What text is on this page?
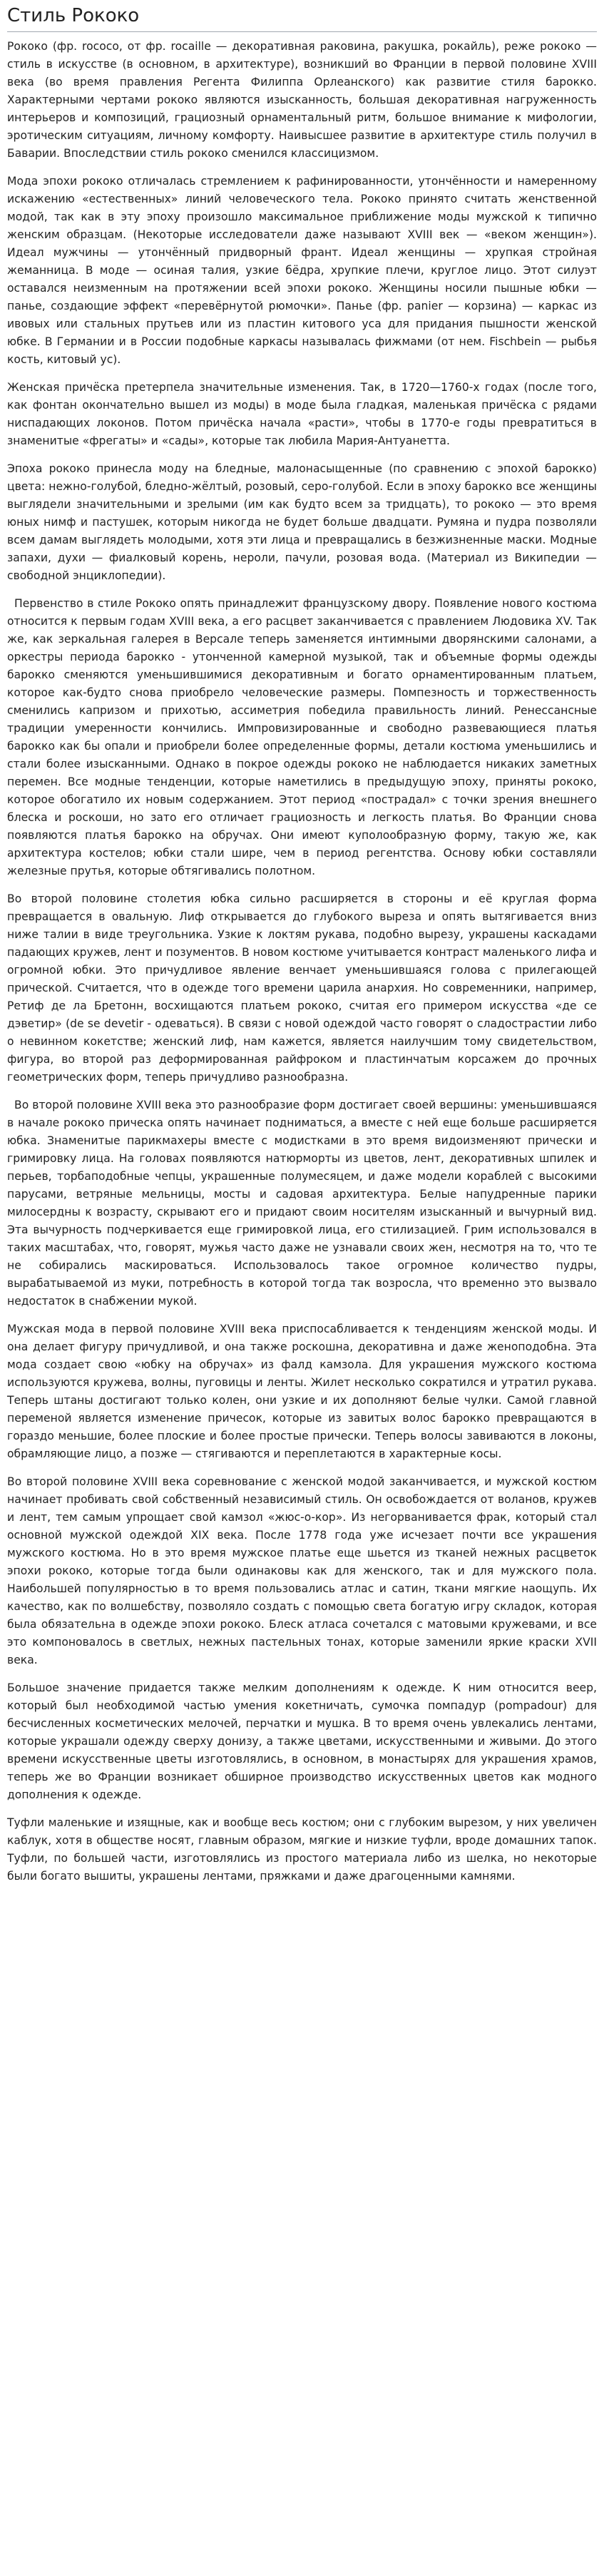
Стиль Рококо

Рококо (фр. rococo, от фр. rocaille — декоративная раковина, ракушка, рокайль), реже рококо — стиль в искусстве (в основном, в архитектуре), возникший во Франции в первой половине XVIII века (во время правления Регента Филиппа Орлеанского) как развитие стиля барокко. Характерными чертами рококо являются изысканность, большая декоративная нагруженность интерьеров и композиций, грациозный орнаментальный ритм, большое внимание к мифологии, эротическим ситуациям, личному комфорту. Наивысшее развитие в архитектуре стиль получил в Баварии. Впоследствии стиль рококо сменился классицизмом.

Мода эпохи рококо отличалась стремлением к рафинированности, утончённости и намеренному искажению «естественных» линий человеческого тела. Рококо принято считать женственной модой, так как в эту эпоху произошло максимальное приближение моды мужской к типично женским образцам. (Некоторые исследователи даже называют XVIII век — «веком женщин»). Идеал мужчины — утончённый придворный франт. Идеал женщины — хрупкая стройная жеманница. В моде — осиная талия, узкие бёдра, хрупкие плечи, круглое лицо. Этот силуэт оставался неизменным на протяжении всей эпохи рококо. Женщины носили пышные юбки — панье, создающие эффект «перевёрнутой рюмочки». Панье (фр. panier — корзина) — каркас из ивовых или стальных прутьев или из пластин китового уса для придания пышности женской юбке. В Германии и в России подобные каркасы называлась фижмами (от нем. Fischbein — рыбья кость, китовый ус).

Женская причёска претерпела значительные изменения. Так, в 1720—1760-х годах (после того, как фонтан окончательно вышел из моды) в моде была гладкая, маленькая причёска с рядами ниспадающих локонов. Потом причёска начала «расти», чтобы в 1770-е годы превратиться в знаменитые «фрегаты» и «сады», которые так любила Мария-Антуанетта.

Эпоха рококо принесла моду на бледные, малонасыщенные (по сравнению с эпохой барокко) цвета: нежно-голубой, бледно-жёлтый, розовый, серо-голубой. Если в эпоху барокко все женщины выглядели значительными и зрелыми (им как будто всем за тридцать), то рококо — это время юных нимф и пастушек, которым никогда не будет больше двадцати. Румяна и пудра позволяли всем дамам выглядеть молодыми, хотя эти лица и превращались в безжизненные маски. Модные запахи, духи — фиалковый корень, нероли, пачули, розовая вода. (Материал из Википедии — свободной энциклопедии).

Первенство в стиле Рококо опять принадлежит французскому двору. Появление нового костюма относится к первым годам XVIII века, а его расцвет заканчивается с правлением Людовика XV. Так же, как зеркальная галерея в Версале теперь заменяется интимными дворянскими салонами, а оркестры периода барокко - утонченной камерной музыкой, так и объемные формы одежды барокко сменяются уменьшившимися декоративным и богато орнаментированным платьем, которое как-будто снова приобрело человеческие размеры. Помпезность и торжественность сменились капризом и прихотью, ассиметрия победила правильность линий. Ренессансные традиции умеренности кончились. Импровизированные и свободно развевающиеся платья барокко как бы опали и приобрели более определенные формы, детали костюма уменьшились и стали более изысканными. Однако в покрое одежды рококо не наблюдается никаких заметных перемен. Все модные тенденции, которые наметились в предыдущую эпоху, приняты рококо, которое обогатило их новым содержанием. Этот период «пострадал» с точки зрения внешнего блеска и роскоши, но зато его отличает грациозность и легкость платья. Во Франции снова появляются платья барокко на обручах. Они имеют куполообразную форму, такую же, как архитектура костелов; юбки стали шире, чем в период регентства. Основу юбки составляли железные прутья, которые обтягивались полотном.

Во второй половине столетия юбка сильно расширяется в стороны и её круглая форма превращается в овальную. Лиф открывается до глубокого выреза и опять вытягивается вниз нижe талии в виде треугольника. Узкие к локтям рукава, подобно вырезу, украшены каскадами падающих кружев, лент и позументов. В новом костюме учитывается контраст маленького лифа и огромной юбки. Это причудливое явление венчает уменьшившаяся голова с прилегающей прической. Считается, что в одежде того времени царила анархия. Но современники, например, Ретиф де ла Бретонн, восхищаются платьем рококо, считая его примером искусства «де се дэветир» (de se devetir - одеваться). В связи с новой одеждой часто говорят о сладострастии либо о невинном кокетстве; женский лиф, нам кажется, является наилучшим тому свидетельством, фигура, во второй раз деформированная райфроком и пластинчатым корсажем до прочных геометрических форм, теперь причудливо разнообразна.

Во второй половине XVIII века это разнообразие форм достигает своей вершины: уменьшившаяся в начале рококо прическа опять начинает подниматься, а вместе с ней еще больше расширяется юбка. Знаменитые парикмахеры вместе с модистками в это время видоизменяют прически и гримировку лица. На головах появляются натюрморты из цветов, лент, декоративных шпилек и перьев, торбаподобные чепцы, украшенные полумесяцем, и даже модели кораблей с высокими парусами, ветряные мельницы, мосты и садовая архитектура. Белые напудренные парики милосердны к возрасту, скрывают его и придают своим носителям изысканный и вычурный вид. Эта вычурность подчеркивается еще гримировкой лица, его стилизацией. Грим использовался в таких масштабах, что, говорят, мужья часто даже не узнавали своих жен, несмотря на то, что те не собирались маскироваться. Использовалось такое огромное количество пудры, вырабатываемой из муки, потребность в которой тогда так возросла, что временно это вызвало недостаток в снабжении мукой.

Мужская мода в первой половине XVIII века приспосабливается к тенденциям женской моды. И она делает фигуру причудливой, и она также роскошна, декоративна и даже женоподобна. Эта мода создает свою «юбку на обручах» из фалд камзола. Для украшения мужского костюма используются кружева, волны, пуговицы и ленты. Жилет несколько сократился и утратил рукава. Теперь штаны достигают только колен, они узкие и их дополняют белые чулки. Самой главной переменой является изменение причесок, которые из завитых волос барокко превращаются в гораздо меньшие, более плоские и более простые прически. Теперь волосы завиваются в локоны, обрамляющие лицо, а позже — стягиваются и переплетаются в характерные косы.

Во второй половине XVIII века соревнование с женской модой заканчивается, и мужской костюм начинает пробивать свой собственный независимый стиль. Он освобождается от воланов, кружев и лент, тем самым упрощает свой камзол «жюс-о-кор». Из негорванивается фрак, который стал основной мужской одеждой XIX века. После 1778 года уже исчезает почти все украшения мужского костюма. Но в это время мужское платье еще шьется из тканей нежных расцветок эпохи рококо, которые тогда были одинаковы как для женского, так и для мужского пола. Наибольшей популярностью в то время пользовались атлас и сатин, ткани мягкие наощупь. Их качество, как по волшебству, позволяло создать с помощью света богатую игру складок, которая была обязательна в одежде эпохи рококо. Блеск атласа сочетался с матовыми кружевами, и все это компоновалось в светлых, нежных пастельных тонах, которые заменили яркие краски XVII века.

Большое значение придается также мелким дополнениям к одежде. К ним относится веер, который был необходимой частью умения кокетничать, сумочка помпадур (pompadour) для бесчисленных косметических мелочей, перчатки и мушка. В то время очень увлекались лентами, которые украшали одежду сверху донизу, а также цветами, искусственными и живыми. До этого времени искусственные цветы изготовлялись, в основном, в монастырях для украшения храмов, теперь же во Франции возникает обширное производство искусственных цветов как модного дополнения к одежде.

Туфли маленькие и изящные, как и вообще весь костюм; они с глубоким вырезом, у них увеличен каблук, хотя в обществе носят, главным образом, мягкие и низкие туфли, вроде домашних тапок. Туфли, по большей части, изготовлялись из простого материала либо из шелка, но некоторые были богато вышиты, украшены лентами, пряжками и даже драгоценными камнями.
